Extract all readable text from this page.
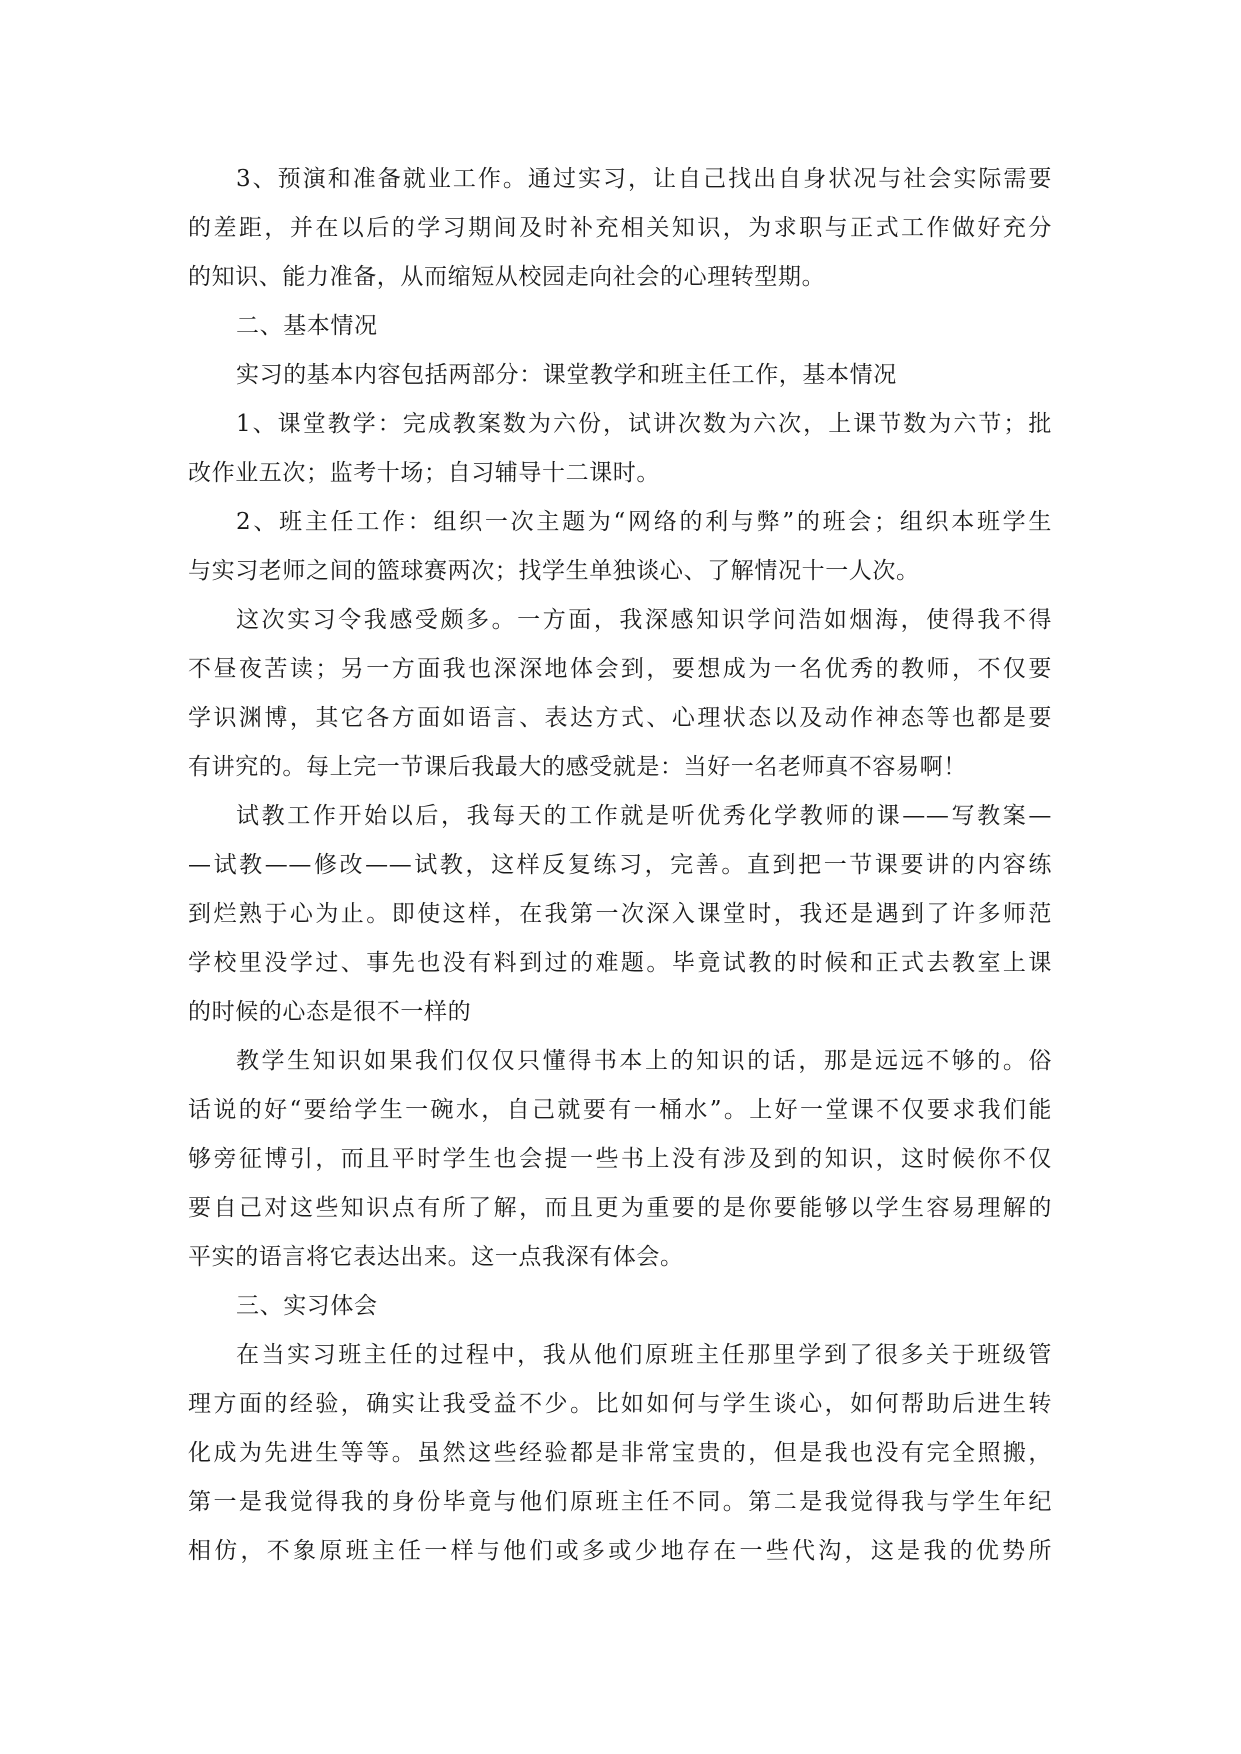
3、预演和准备就业工作。通过实习，让自己找出自身状况与社会实际需要
的差距，并在以后的学习期间及时补充相关知识，为求职与正式工作做好充分
的知识、能力准备，从而缩短从校园走向社会的心理转型期。
二、基本情况
实习的基本内容包括两部分：课堂教学和班主任工作，基本情况
1、课堂教学：完成教案数为六份，试讲次数为六次，上课节数为六节；批
改作业五次；监考十场；自习辅导十二课时。
2、班主任工作：组织一次主题为“网络的利与弊”的班会；组织本班学生
与实习老师之间的篮球赛两次；找学生单独谈心、了解情况十一人次。
这次实习令我感受颇多。一方面，我深感知识学问浩如烟海，使得我不得
不昼夜苦读；另一方面我也深深地体会到，要想成为一名优秀的教师，不仅要
学识渊博，其它各方面如语言、表达方式、心理状态以及动作神态等也都是要
有讲究的。每上完一节课后我最大的感受就是：当好一名老师真不容易啊！
试教工作开始以后，我每天的工作就是听优秀化学教师的课——写教案—
—试教——修改——试教，这样反复练习，完善。直到把一节课要讲的内容练
到烂熟于心为止。即使这样，在我第一次深入课堂时，我还是遇到了许多师范
学校里没学过、事先也没有料到过的难题。毕竟试教的时候和正式去教室上课
的时候的心态是很不一样的
教学生知识如果我们仅仅只懂得书本上的知识的话，那是远远不够的。俗
话说的好“要给学生一碗水，自己就要有一桶水”。上好一堂课不仅要求我们能
够旁征博引，而且平时学生也会提一些书上没有涉及到的知识，这时候你不仅
要自己对这些知识点有所了解，而且更为重要的是你要能够以学生容易理解的
平实的语言将它表达出来。这一点我深有体会。
三、实习体会
在当实习班主任的过程中，我从他们原班主任那里学到了很多关于班级管
理方面的经验，确实让我受益不少。比如如何与学生谈心，如何帮助后进生转
化成为先进生等等。虽然这些经验都是非常宝贵的，但是我也没有完全照搬，
第一是我觉得我的身份毕竟与他们原班主任不同。第二是我觉得我与学生年纪
相仿，不象原班主任一样与他们或多或少地存在一些代沟，这是我的优势所
